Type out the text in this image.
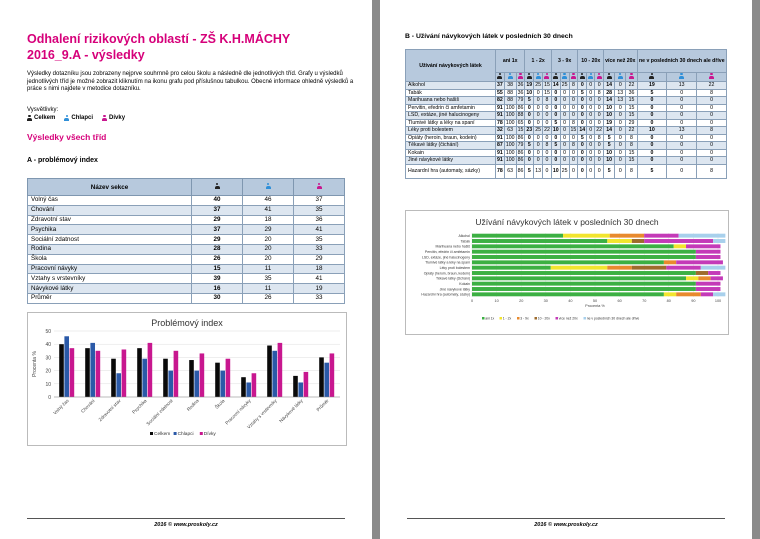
Odhalení rizikových oblastí - ZŠ K.H.MÁCHY
2016_9.A - výsledky

Výsledky dotazníku jsou zobrazeny nejprve souhrnně pro celou školu a následně dle jednotlivých tříd. Grafy u výsledků jednotlivých tříd je možné zobrazit kliknutím na ikonu grafu pod příslušnou tabulkou. Obecné informace ohledně výsledků a práce s nimi najdete v metodice dotazníku.

Vysvětlivky:
Celkem	Chlapci	Dívky
Výsledky všech tříd
A - problémový index
Název sekce			
Volný čas	40	46	37
Chování	37	41	35
Zdravotní stav	29	18	36
Psychika	37	29	41
Sociální zdatnost	29	20	35
Rodina	28	20	33
Škola	26	20	29
Pracovní návyky	15	11	18
Vztahy s vrstevníky	39	35	41
Návykové látky	16	11	19
Průměr	30	26	33
Problémový index
0
10
20
30
40
50
Procenta %
Volný čas Chování Zdravotní stav Psychika
Sociální zdatnost	Rodina	Škola
Pracovní návyky
Vztahy s vrstevníky Návykové látky	Průměr
Celkem Chlapci Dívky
2016 © www.proskoly.cz
B - Užívání návykových látek v posledních 30 dnech
Užívání návykových látek	ani 1x			1 - 2x			3 - 9x			10 - 20x			více než 20x			ne v posledních 30 dnech ale dříve		

Alkohol	37	38	36	19	25	15	14	25	8	0	0	0	14	0	22	19	13	22
Tabák	55	88	36	10	0	15	0	0	0	5	0	8	28	13	36	5	0	8
Marihuana nebo hašiš	82	88	79	5	0	8	0	0	0	0	0	0	14	13	15	0	0	0
Pervitin, efedrin či amfetamin	91	100	86	0	0	0	0	0	0	0	0	0	10	0	15	0	0	0
LSD, extáze, jiné halucinogeny	91	100	88	0	0	0	0	0	0	0	0	0	10	0	15	0	0	0
Tlumivé látky a léky na spaní	78	100	65	0	0	0	5	0	8	0	0	0	19	0	29	0	0	0
Léky proti bolestem	32	63	15	23	25	22	10	0	15	14	0	22	14	0	22	10	13	8
Opiáty (heroin, braun, kodein)	91	100	86	0	0	0	0	0	0	5	0	8	5	0	8	0	0	0
Těkavé látky (čichání)	87	100	79	5	0	8	5	0	8	0	0	0	5	0	8	0	0	0
Kokain	91	100	86	0	0	0	0	0	0	0	0	0	10	0	15	0	0	0
Jiné návykové látky	91	100	86	0	0	0	0	0	0	0	0	0	10	0	15	0	0	0
Hazardní hra (automaty, sázky)	78	63	86	5	13	0	10	25	0	0	0	0	5	0	8	5	0	8
Užívání návykových látek v posledních 30 dnech
0	10	20	30	40	50	60	70	80	90	100
Procenta %
Alkohol
Tabák
Marihuana nebo hašiš
Pervitin, efedrin či amfetamin
LSD, extáze, jiné halucinogeny
Tlumivé látky a léky na spaní
Léky proti bolestem
Opiáty (heroin, braun, kodein)
Těkavé látky (čichání)
Kokain
Jiné návykové látky
Hazardní hra (automaty, sázky)
ani 1x 1 - 2x	3 - 9x	10 - 20x	více než 20x	ne v posledních 30 dnech ale dříve
2016 © www.proskoly.cz
